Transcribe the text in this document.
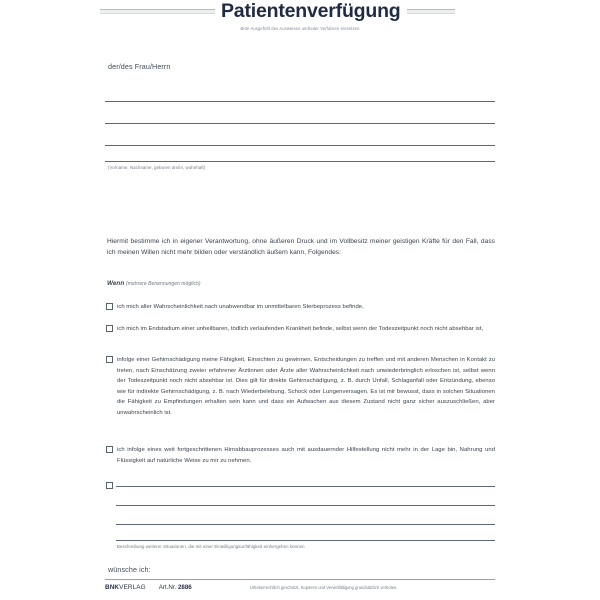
Patientenverfügung
Bitte Ausgefüllt des Ausweises und/oder Verfahren einsetzen
der/des Frau/Herrn
(Vorname, Nachname, geboren am/in, wohnhaft)
Hiermit bestimme ich in eigener Verantwortung, ohne äußeren Druck und im Vollbesitz meiner geistigen Kräfte für den Fall, dass ich meinen Willen nicht mehr bilden oder verständlich äußern kann, Folgendes:
Wenn (mehrere Benennungen möglich)
ich mich aller Wahrscheinlichkeit nach unabwendbar im unmittelbaren Sterbeprozess befinde,
ich mich im Endstadium einer unheilbaren, tödlich verlaufenden Krankheit befinde, selbst wenn der Todeszeitpunkt noch nicht absehbar ist,
infolge einer Gehirnschädigung meine Fähigkeit, Einsichten zu gewinnen, Entscheidungen zu treffen und mit anderen Menschen in Kontakt zu treten, nach Einschätzung zweier erfahrener Ärztinnen oder Ärzte aller Wahrscheinlichkeit nach unwiederbringlich erloschen ist, selbst wenn der Todeszeitpunkt noch nicht absehbar ist. Dies gilt für direkte Gehirnschädigung, z. B. durch Unfall, Schlaganfall oder Entzündung, ebenso wie für indirekte Gehirnschädigung, z. B. nach Wiederbelebung, Schock oder Lungenversagen. Es ist mir bewusst, dass in solchen Situationen die Fähigkeit zu Empfindungen erhalten sein kann und dass ein Aufwachen aus diesem Zustand nicht ganz sicher auszuschließen, aber unwahrscheinlich ist.
ich infolge eines weit fortgeschrittenen Hirnabbauprozesses auch mit ausdauernder Hilfestellung nicht mehr in der Lage bin, Nahrung und Flüssigkeit auf natürliche Weise zu mir zu nehmen.
Beschreibung weiterer Situationen, die mit einer Einwilligungsunfähigkeit einhergehen können
wünsche ich:
BNKVERLAG Art.Nr. 2886	Urheberrechtlich geschützt. Kopieren und Vervielfältigung grundsätzlich verboten.
